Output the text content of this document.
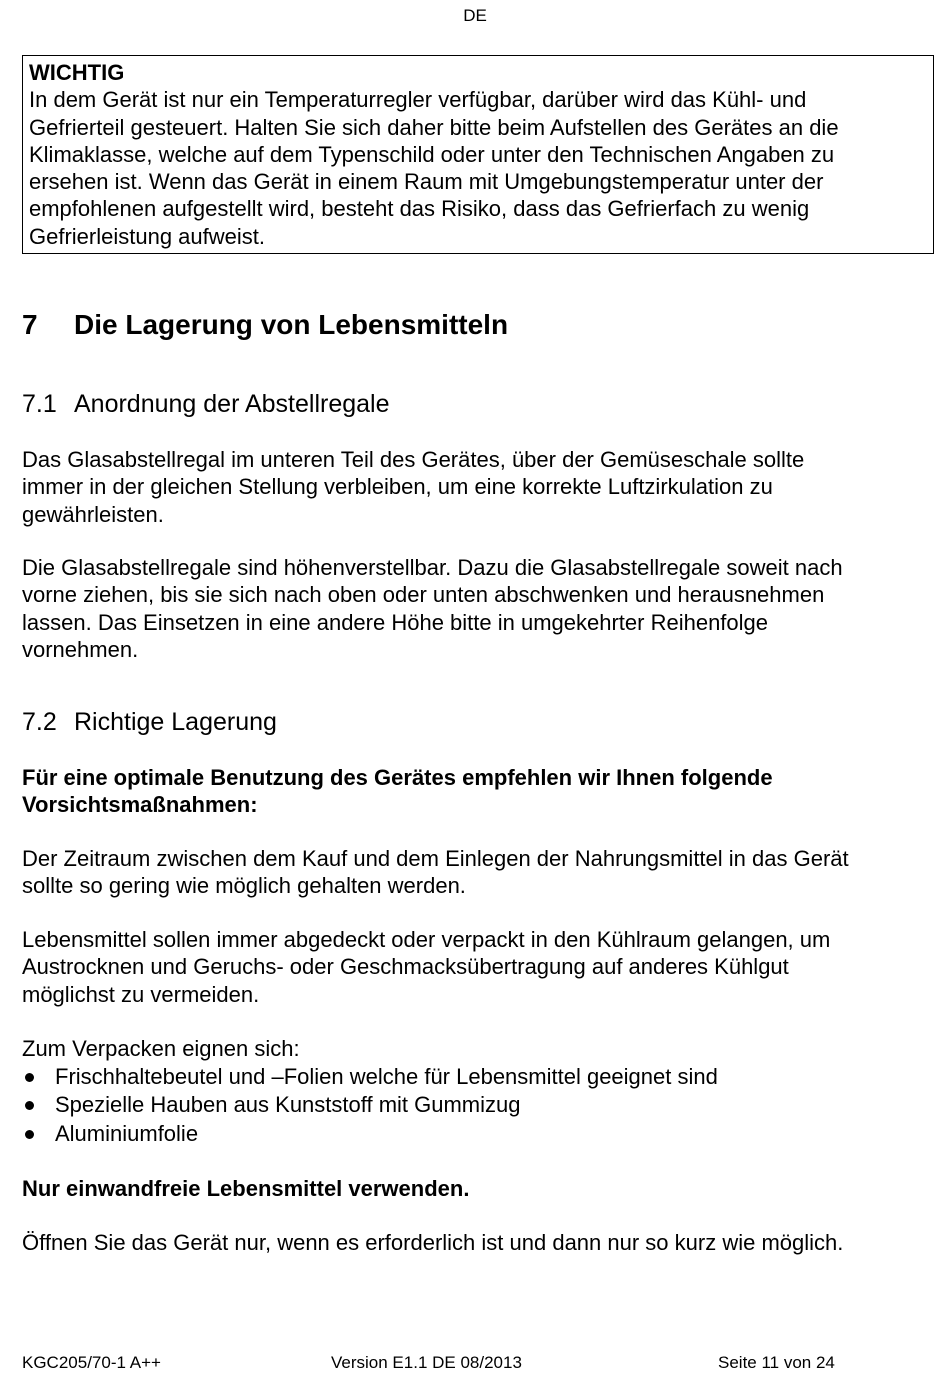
DE
WICHTIG
In dem Gerät ist nur ein Temperaturregler verfügbar, darüber wird das Kühl- und
Gefrierteil gesteuert. Halten Sie sich daher bitte beim Aufstellen des Gerätes an die
Klimaklasse, welche auf dem Typenschild oder unter den Technischen Angaben zu
ersehen ist. Wenn das Gerät in einem Raum mit Umgebungstemperatur unter der
empfohlenen aufgestellt wird, besteht das Risiko, dass das Gefrierfach zu wenig
Gefrierleistung aufweist.
7 Die Lagerung von Lebensmitteln
7.1 Anordnung der Abstellregale
Das Glasabstellregal im unteren Teil des Gerätes, über der Gemüseschale sollte
immer in der gleichen Stellung verbleiben, um eine korrekte Luftzirkulation zu
gewährleisten.
Die Glasabstellregale sind höhenverstellbar. Dazu die Glasabstellregale soweit nach
vorne ziehen, bis sie sich nach oben oder unten abschwenken und herausnehmen
lassen. Das Einsetzen in eine andere Höhe bitte in umgekehrter Reihenfolge
vornehmen.
7.2 Richtige Lagerung
Für eine optimale Benutzung des Gerätes empfehlen wir Ihnen folgende
Vorsichtsmaßnahmen:
Der Zeitraum zwischen dem Kauf und dem Einlegen der Nahrungsmittel in das Gerät
sollte so gering wie möglich gehalten werden.
Lebensmittel sollen immer abgedeckt oder verpackt in den Kühlraum gelangen, um
Austrocknen und Geruchs- oder Geschmacksübertragung auf anderes Kühlgut
möglichst zu vermeiden.
Zum Verpacken eignen sich:
Frischhaltebeutel und –Folien welche für Lebensmittel geeignet sind
Spezielle Hauben aus Kunststoff mit Gummizug
Aluminiumfolie
Nur einwandfreie Lebensmittel verwenden.
Öffnen Sie das Gerät nur, wenn es erforderlich ist und dann nur so kurz wie möglich.
KGC205/70-1 A++	Version E1.1 DE 08/2013	Seite 11 von 24
